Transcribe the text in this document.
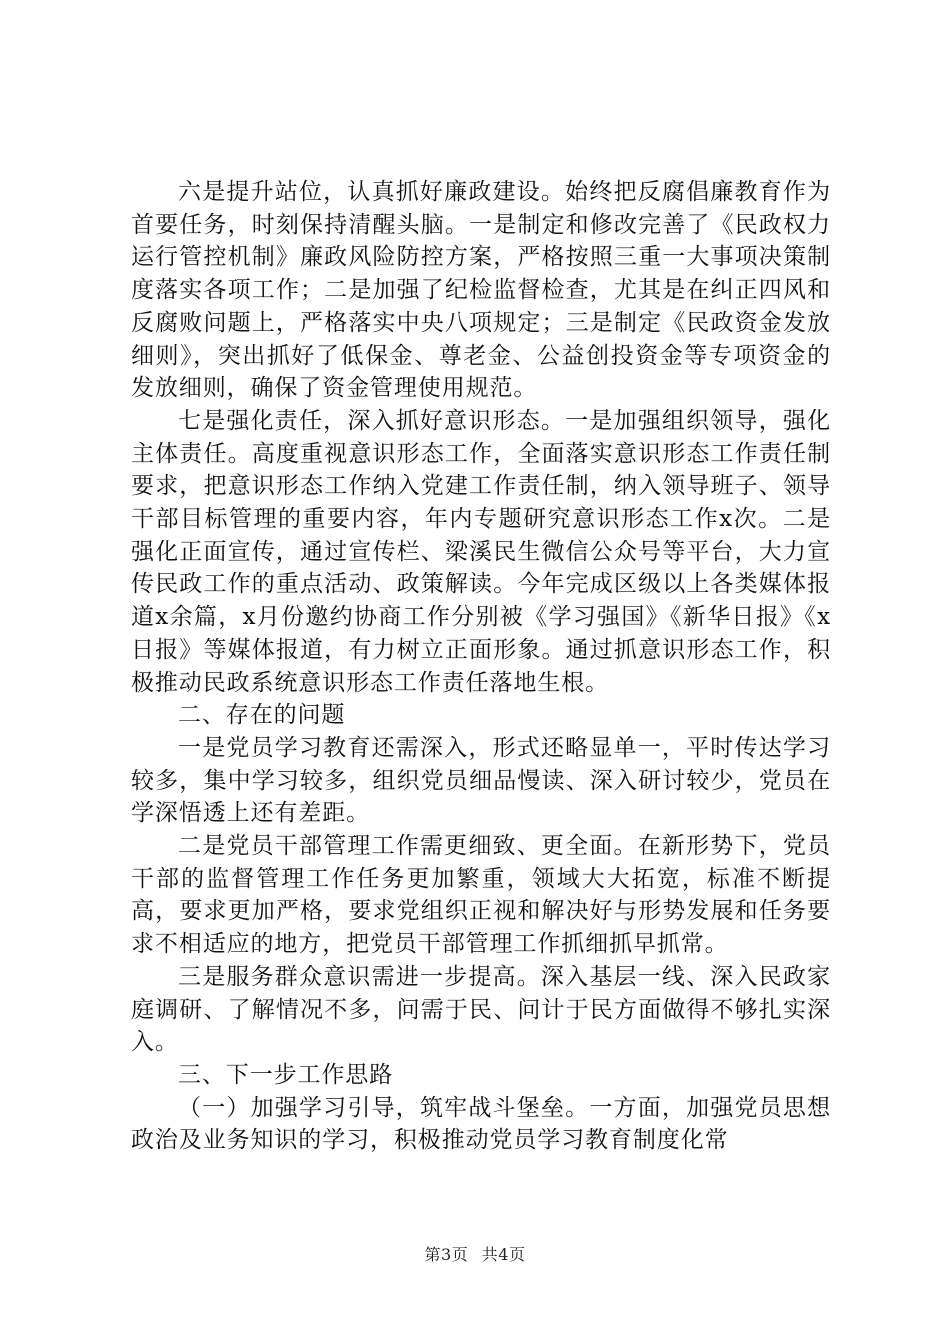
六是提升站位，认真抓好廉政建设。始终把反腐倡廉教育作为首要任务，时刻保持清醒头脑。一是制定和修改完善了《民政权力运行管控机制》廉政风险防控方案，严格按照三重一大事项决策制度落实各项工作；二是加强了纪检监督检查，尤其是在纠正四风和反腐败问题上，严格落实中央八项规定；三是制定《民政资金发放细则》，突出抓好了低保金、尊老金、公益创投资金等专项资金的发放细则，确保了资金管理使用规范。

七是强化责任，深入抓好意识形态。一是加强组织领导，强化主体责任。高度重视意识形态工作，全面落实意识形态工作责任制要求，把意识形态工作纳入党建工作责任制，纳入领导班子、领导干部目标管理的重要内容，年内专题研究意识形态工作x次。二是强化正面宣传，通过宣传栏、梁溪民生微信公众号等平台，大力宣传民政工作的重点活动、政策解读。今年完成区级以上各类媒体报道x余篇，x月份邀约协商工作分别被《学习强国》《新华日报》《x日报》等媒体报道，有力树立正面形象。通过抓意识形态工作，积极推动民政系统意识形态工作责任落地生根。

二、存在的问题

一是党员学习教育还需深入，形式还略显单一，平时传达学习较多，集中学习较多，组织党员细品慢读、深入研讨较少，党员在学深悟透上还有差距。

二是党员干部管理工作需更细致、更全面。在新形势下，党员干部的监督管理工作任务更加繁重，领域大大拓宽，标准不断提高，要求更加严格，要求党组织正视和解决好与形势发展和任务要求不相适应的地方，把党员干部管理工作抓细抓早抓常。

三是服务群众意识需进一步提高。深入基层一线、深入民政家庭调研、了解情况不多，问需于民、问计于民方面做得不够扎实深入。

三、下一步工作思路

（一）加强学习引导，筑牢战斗堡垒。一方面，加强党员思想政治及业务知识的学习，积极推动党员学习教育制度化常

第3页 共4页
